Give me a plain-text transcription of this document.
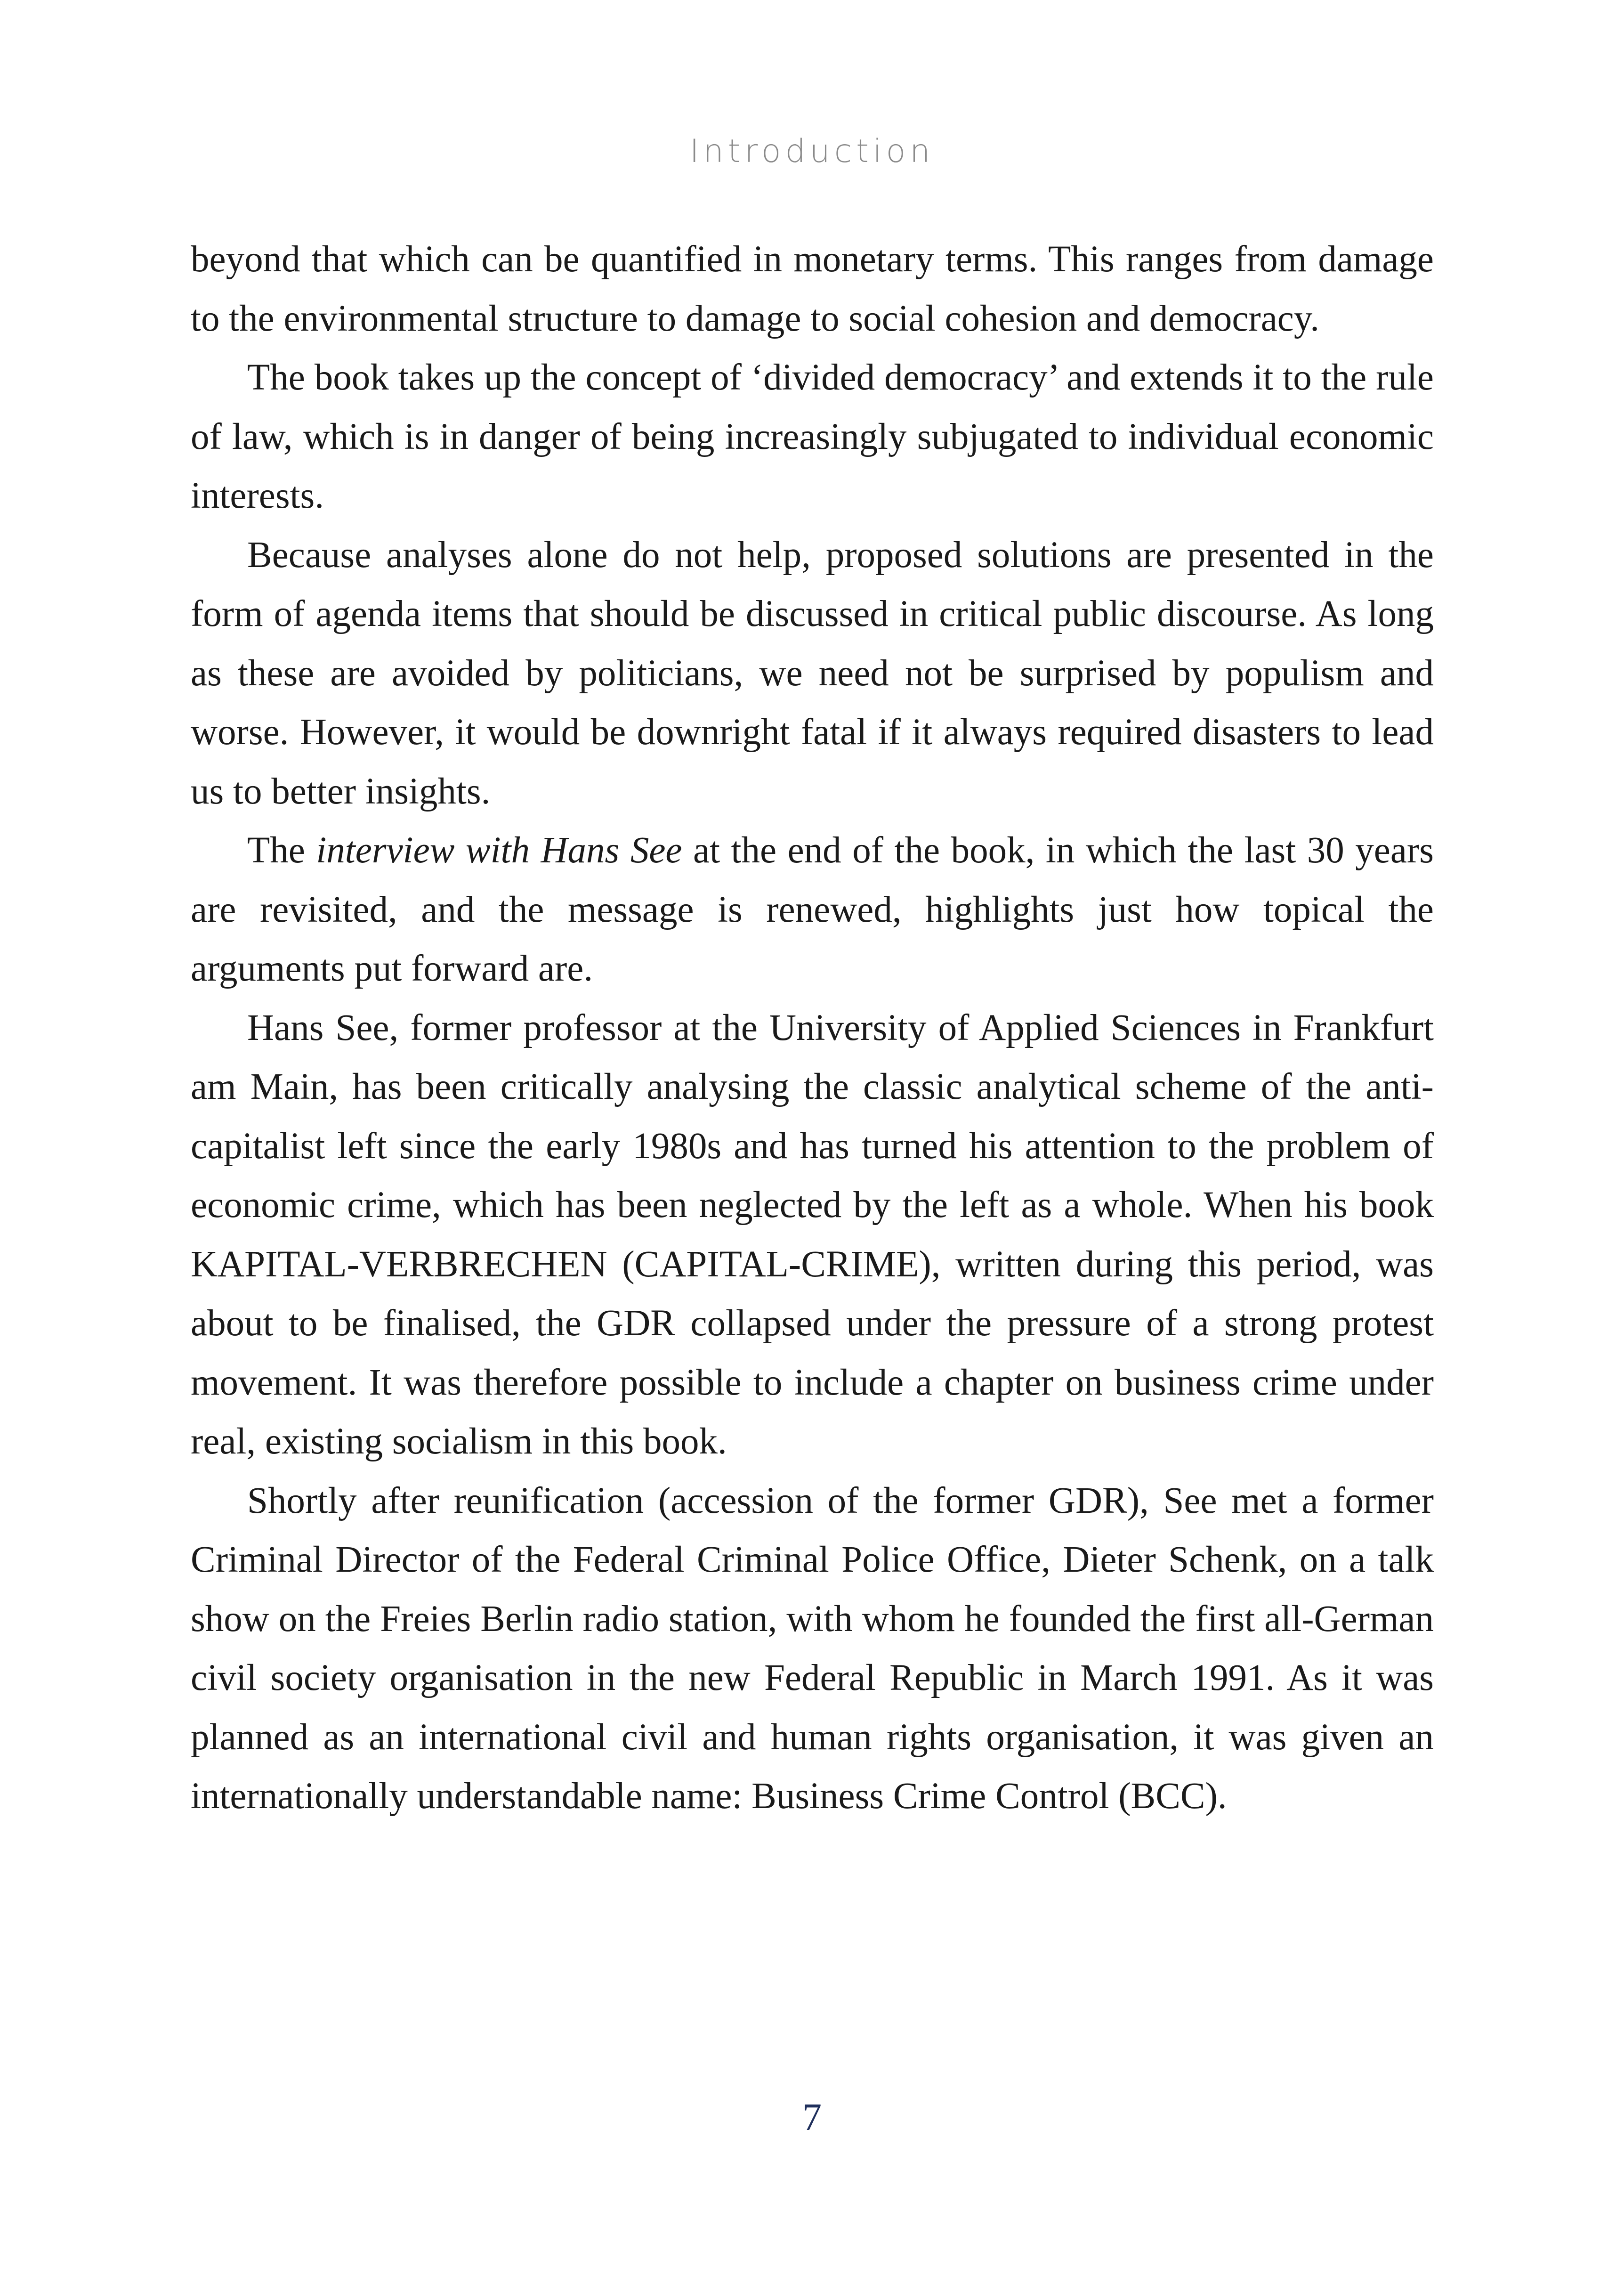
Introduction

beyond that which can be quantified in monetary terms. This ranges from damage to the environmental structure to damage to social cohesion and democracy.

The book takes up the concept of ‘divided democracy’ and extends it to the rule of law, which is in danger of being increasingly subjugated to individual economic interests.

Because analyses alone do not help, proposed solutions are presented in the form of agenda items that should be discussed in critical public discourse. As long as these are avoided by politicians, we need not be surprised by populism and worse. However, it would be downright fatal if it always required disasters to lead us to better insights.

The interview with Hans See at the end of the book, in which the last 30 years are revisited, and the message is renewed, highlights just how topical the arguments put forward are.

Hans See, former professor at the University of Applied Sciences in Frankfurt am Main, has been critically analysing the classic analytical scheme of the anti-capitalist left since the early 1980s and has turned his attention to the problem of economic crime, which has been neglected by the left as a whole. When his book KAPITAL-VERBRECHEN (CAPITAL-CRIME), written during this period, was about to be finalised, the GDR collapsed under the pressure of a strong protest movement. It was therefore possible to include a chapter on business crime under real, existing socialism in this book.

Shortly after reunification (accession of the former GDR), See met a former Criminal Director of the Federal Criminal Police Office, Dieter Schenk, on a talk show on the Freies Berlin radio station, with whom he founded the first all-German civil society organisation in the new Federal Republic in March 1991. As it was planned as an international civil and human rights organisation, it was given an internationally understandable name: Business Crime Control (BCC).

7
